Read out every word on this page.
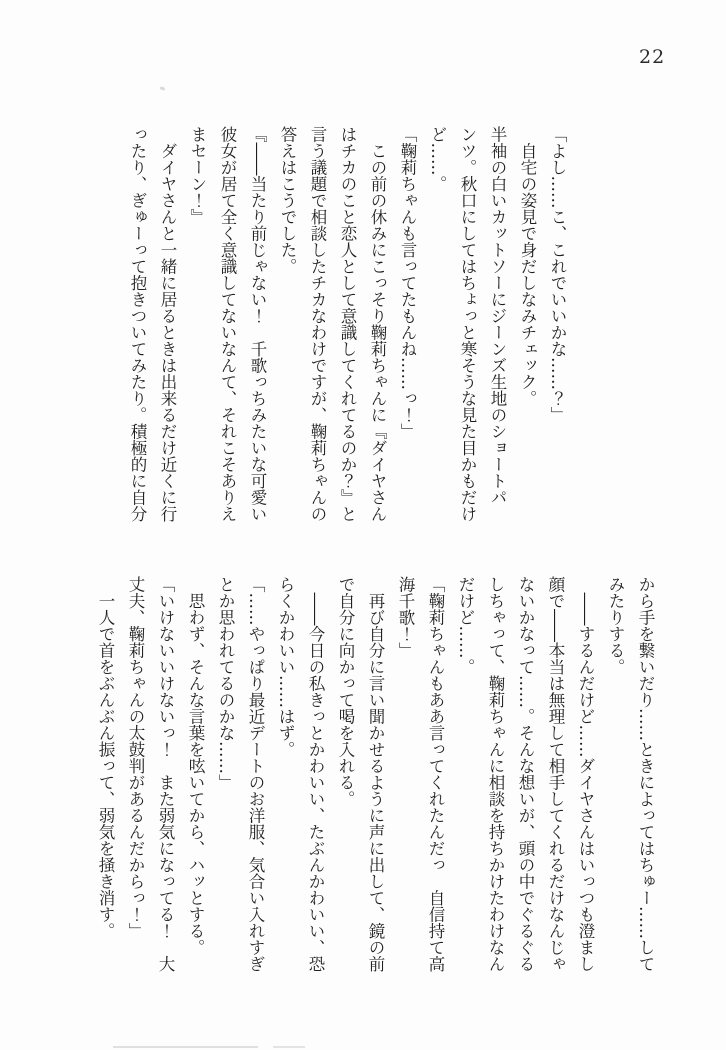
22
「よし……こ、これでいいかな……？」
　自宅の姿見で身だしなみチェック。
半袖の白いカットソーにジーンズ生地のショートパ
ンツ。秋口にしてはちょっと寒そうな見た目かもだけ
ど……。
「鞠莉ちゃんも言ってたもんね……っ！」
　この前の休みにこっそり鞠莉ちゃんに『ダイヤさん
はチカのこと恋人として意識してくれてるのか？』と
言う議題で相談したチカなわけですが、鞠莉ちゃんの
答えはこうでした。
『――当たり前じゃない！　千歌っちみたいな可愛い
彼女が居て全く意識してないなんて、それこそありえ
まセーン！』
　ダイヤさんと一緒に居るときは出来るだけ近くに行
ったり、ぎゅーって抱きついてみたり。積極的に自分
から手を繋いだり……ときによってはちゅー……して
みたりする。
　――するんだけど……ダイヤさんはいっつも澄まし
顔で――本当は無理して相手してくれるだけなんじゃ
ないかなって……。そんな想いが、頭の中でぐるぐる
しちゃって、鞠莉ちゃんに相談を持ちかけたわけなん
だけど……。
「鞠莉ちゃんもああ言ってくれたんだっ　自信持て高
海千歌！」
　再び自分に言い聞かせるように声に出して、鏡の前
で自分に向かって喝を入れる。
　――今日の私きっとかわいい、たぶんかわいい、恐
らくかわいい……はず。
「……やっぱり最近デートのお洋服、気合い入れすぎ
とか思われてるのかな……」
　思わず、そんな言葉を呟いてから、ハッとする。
「いけないいけないっ！　また弱気になってる！　大
丈夫、鞠莉ちゃんの太鼓判があるんだからっ！」
　一人で首をぶんぶん振って、弱気を掻き消す。
